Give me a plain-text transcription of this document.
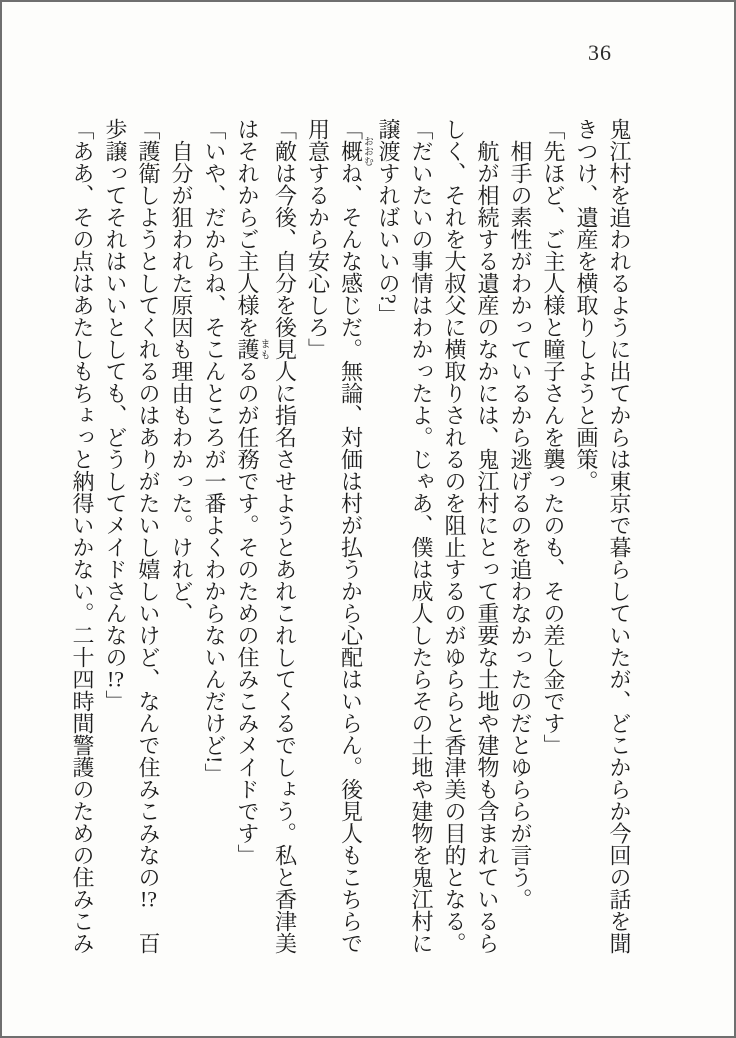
36
鬼江村を追われるように出てからは東京で暮らしていたが、どこからか今回の話を聞
きつけ、遺産を横取りしようと画策。
「先ほど、ご主人様と瞳子さんを襲ったのも、その差し金です」
相手の素性がわかっているから逃げるのを追わなかったのだとゆららが言う。
航が相続する遺産のなかには、鬼江村にとって重要な土地や建物も含まれているら
しく、それを大叔父に横取りされるのを阻止するのがゆららと香津美の目的となる。
「だいたいの事情はわかったよ。じゃあ、僕は成人したらその土地や建物を鬼江村に
譲渡すればいいの?」
「概おおむね、そんな感じだ。無論、対価は村が払うから心配はいらん。後見人もこちらで
用意するから安心しろ」
「敵は今後、自分を後見人に指名させようとあれこれしてくるでしょう。私と香津美
はそれからご主人様を護まもるのが任務です。そのための住みこみメイドです」
「いや、だからね、そこんところが一番よくわからないんだけど!」
自分が狙われた原因も理由もわかった。けれど、
「護衛しようとしてくれるのはありがたいし嬉しいけど、なんで住みこみなの!?　百
歩譲ってそれはいいとしても、どうしてメイドさんなの!?」
「ああ、その点はあたしもちょっと納得いかない。二十四時間警護のための住みこみ
